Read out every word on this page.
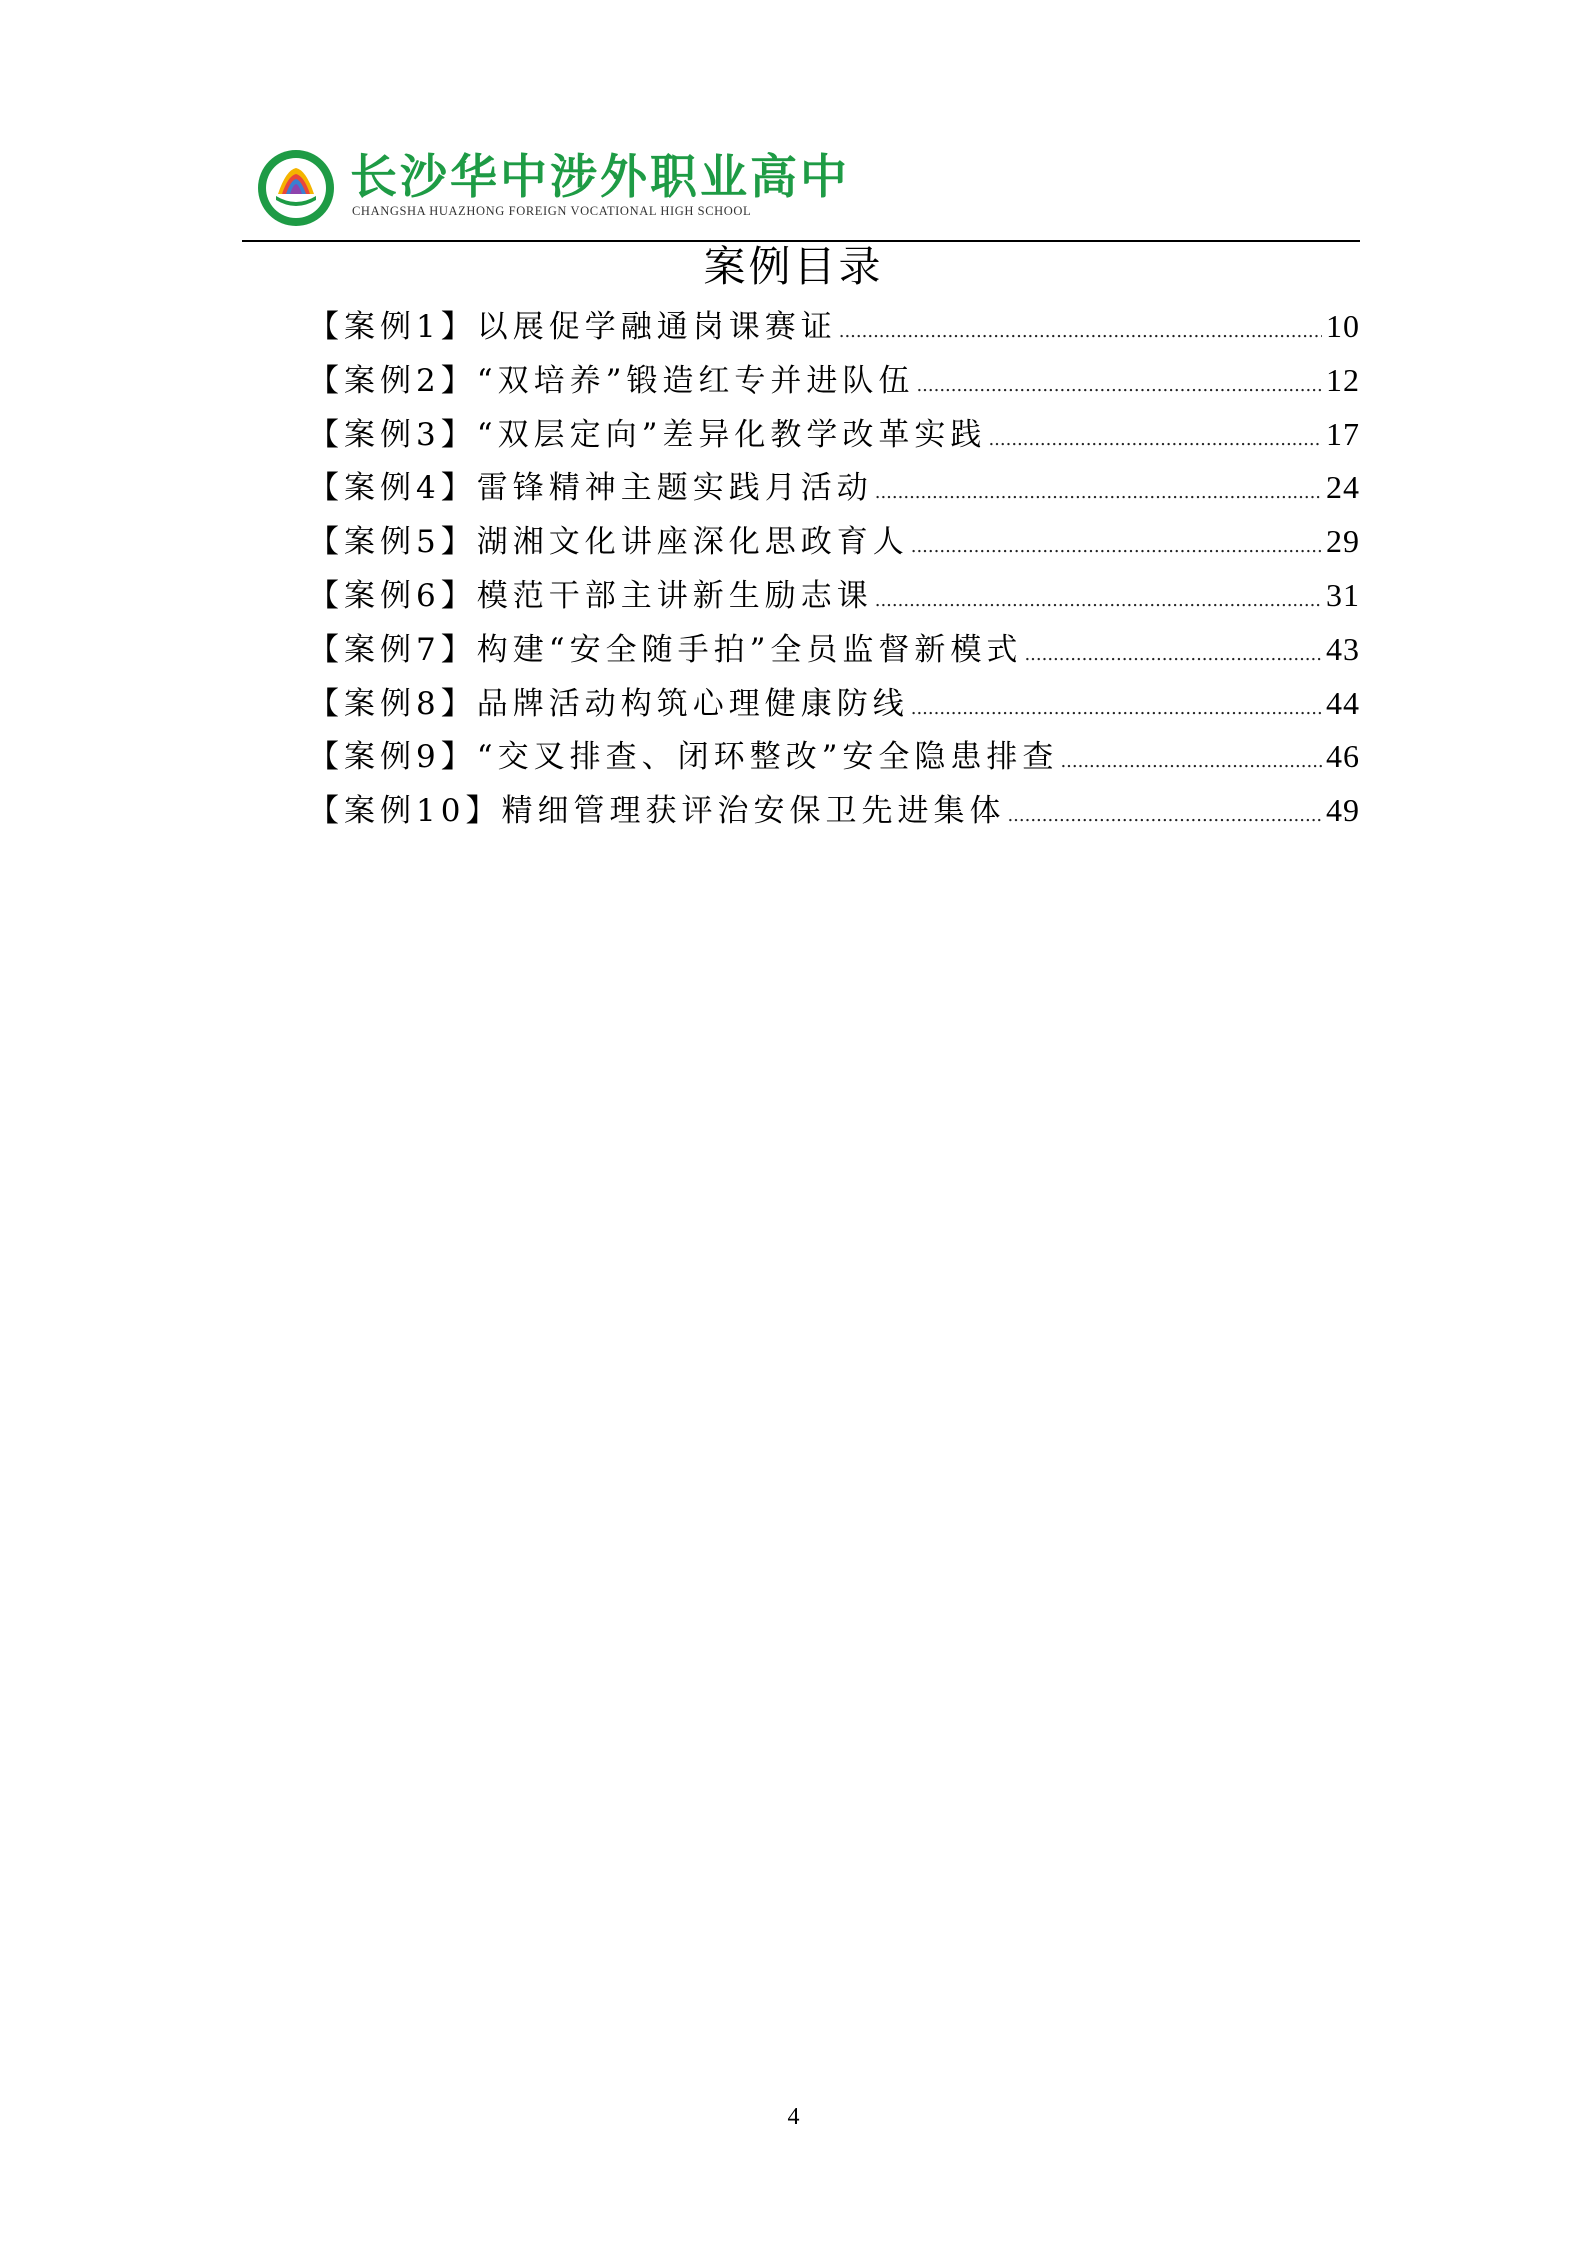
长沙华中涉外职业高中
CHANGSHA HUAZHONG FOREIGN VOCATIONAL HIGH SCHOOL
案例目录
【案例1】 以展促学融通岗课赛证 .....	10
【案例2】 “双培养”锻造红专并进队伍 .....	12
【案例3】 “双层定向”差异化教学改革实践 .....	17
【案例4】 雷锋精神主题实践月活动 .....	24
【案例5】 湖湘文化讲座深化思政育人 .....	29
【案例6】 模范干部主讲新生励志课 .....	31
【案例7】 构建“安全随手拍”全员监督新模式 .....	43
【案例8】 品牌活动构筑心理健康防线 .....	44
【案例9】 “交叉排查、闭环整改”安全隐患排查 .....	46
【案例10】 精细管理获评治安保卫先进集体 .....	49
4
